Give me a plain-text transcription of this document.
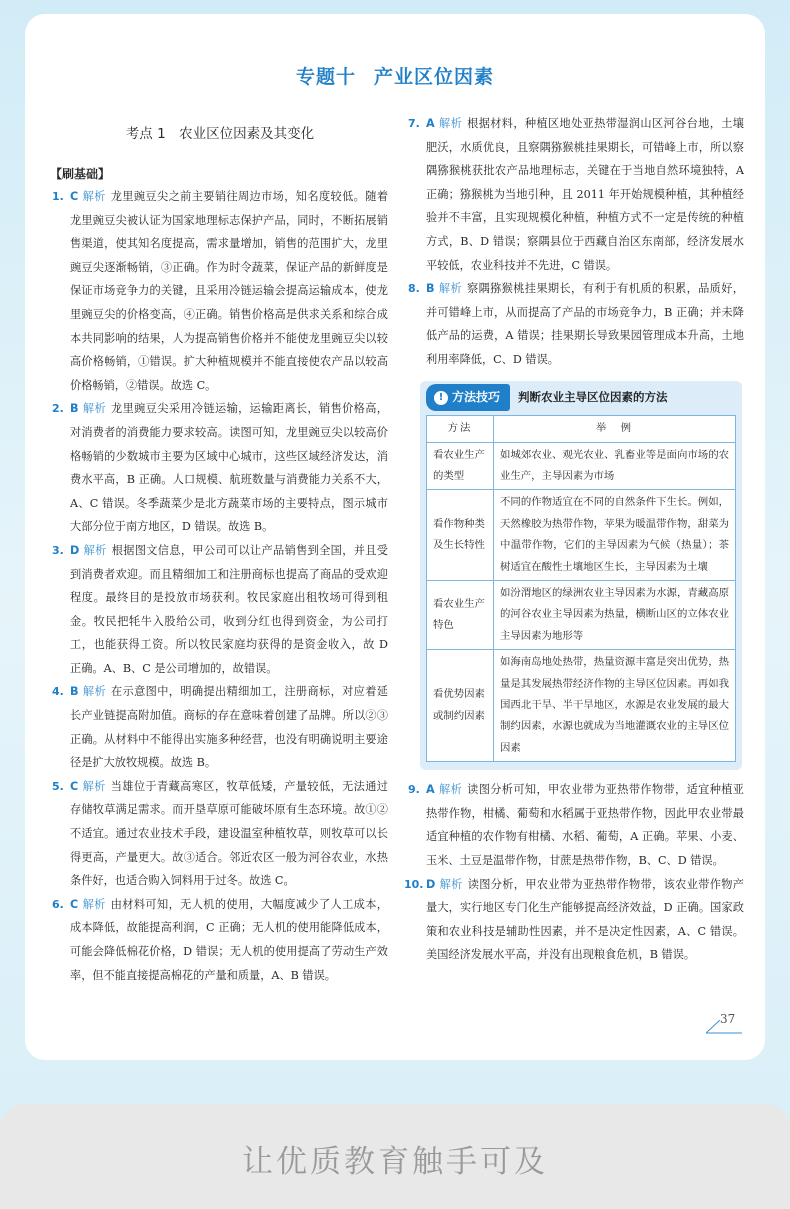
专题十 产业区位因素
考点 1　农业区位因素及其变化
【刷基础】

1. C 解析 龙里豌豆尖之前主要销往周边市场，知名度较低。随着龙里豌豆尖被认证为国家地理标志保护产品，同时，不断拓展销售渠道，使其知名度提高，需求量增加，销售的范围扩大，龙里豌豆尖逐渐畅销，③正确。作为时令蔬菜，保证产品的新鲜度是保证市场竞争力的关键，且采用冷链运输会提高运输成本，使龙里豌豆尖的价格变高，④正确。销售价格高是供求关系和综合成本共同影响的结果，人为提高销售价格并不能使龙里豌豆尖以较高价格畅销，①错误。扩大种植规模并不能直接使农产品以较高价格畅销，②错误。故选 C。

2. B 解析 龙里豌豆尖采用冷链运输，运输距离长，销售价格高，对消费者的消费能力要求较高。读图可知，龙里豌豆尖以较高价格畅销的少数城市主要为区域中心城市，这些区域经济发达，消费水平高，B 正确。人口规模、航班数量与消费能力关系不大，A、C 错误。冬季蔬菜少是北方蔬菜市场的主要特点，图示城市大部分位于南方地区，D 错误。故选 B。

3. D 解析 根据图文信息，甲公司可以让产品销售到全国，并且受到消费者欢迎。而且精细加工和注册商标也提高了商品的受欢迎程度。最终目的是投放市场获利。牧民家庭出租牧场可得到租金。牧民把牦牛入股给公司，收到分红也得到资金，为公司打工，也能获得工资。所以牧民家庭均获得的是资金收入，故 D 正确。A、B、C 是公司增加的，故错误。

4. B 解析 在示意图中，明确提出精细加工，注册商标，对应着延长产业链提高附加值。商标的存在意味着创建了品牌。所以②③正确。从材料中不能得出实施多种经营，也没有明确说明主要途径是扩大放牧规模。故选 B。

5. C 解析 当雄位于青藏高寒区，牧草低矮，产量较低，无法通过存储牧草满足需求。而开垦草原可能破坏原有生态环境。故①②不适宜。通过农业技术手段，建设温室种植牧草，则牧草可以长得更高，产量更大。故③适合。邻近农区一般为河谷农业，水热条件好，也适合购入饲料用于过冬。故选 C。

6. C 解析 由材料可知，无人机的使用，大幅度减少了人工成本，成本降低，故能提高利润，C 正确；无人机的使用能降低成本，可能会降低棉花价格，D 错误；无人机的使用提高了劳动生产效率，但不能直接提高棉花的产量和质量，A、B 错误。

7. A 解析 根据材料，种植区地处亚热带湿润山区河谷台地，土壤肥沃，水质优良，且察隅猕猴桃挂果期长，可错峰上市，所以察隅猕猴桃获批农产品地理标志，关键在于当地自然环境独特，A 正确；猕猴桃为当地引种，且 2011 年开始规模种植，其种植经验并不丰富，且实现规模化种植，种植方式不一定是传统的种植方式，B、D 错误；察隅县位于西藏自治区东南部，经济发展水平较低，农业科技并不先进，C 错误。

8. B 解析 察隅猕猴桃挂果期长，有利于有机质的积累，品质好，并可错峰上市，从而提高了产品的市场竞争力，B 正确；并未降低产品的运费，A 错误；挂果期长导致果园管理成本升高，土地利用率降低，C、D 错误。

! 方法技巧 判断农业主导区位因素的方法
方法	举　例
看农业生产的类型	如城郊农业、观光农业、乳畜业等是面向市场的农业生产，主导因素为市场
看作物种类及生长特性	不同的作物适宜在不同的自然条件下生长。例如，天然橡胶为热带作物，苹果为暖温带作物，甜菜为中温带作物，它们的主导因素为气候（热量）；茶树适宜在酸性土壤地区生长，主导因素为土壤
看农业生产特色	如汾渭地区的绿洲农业主导因素为水源，青藏高原的河谷农业主导因素为热量，横断山区的立体农业主导因素为地形等
看优势因素或制约因素	如海南岛地处热带，热量资源丰富是突出优势，热量是其发展热带经济作物的主导区位因素。再如我国西北干旱、半干旱地区，水源是农业发展的最大制约因素，水源也就成为当地灌溉农业的主导区位因素

9. A 解析 读图分析可知，甲农业带为亚热带作物带，适宜种植亚热带作物，柑橘、葡萄和水稻属于亚热带作物，因此甲农业带最适宜种植的农作物有柑橘、水稻、葡萄，A 正确。苹果、小麦、玉米、土豆是温带作物，甘蔗是热带作物，B、C、D 错误。

10. D 解析 读图分析，甲农业带为亚热带作物带，该农业带作物产量大，实行地区专门化生产能够提高经济效益，D 正确。国家政策和农业科技是辅助性因素，并不是决定性因素，A、C 错误。美国经济发展水平高，并没有出现粮食危机，B 错误。

37
让优质教育触手可及
